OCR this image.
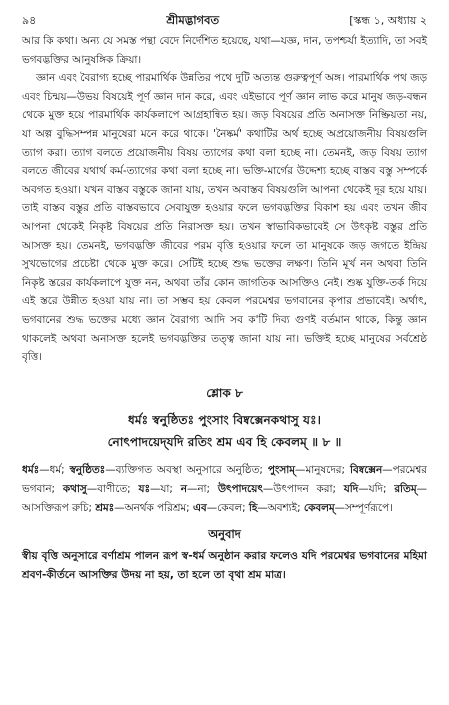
৯৪	শ্রীমদ্ভাগবত	[স্কন্ধ ১, অধ্যায় ২

আর কি কথা। অন্য যে সমস্ত পন্থা বেদে নির্দেশিত হয়েছে, যথা—যজ্ঞ, দান, তপশ্চর্যা ইত্যাদি, তা সবই ভগবদ্ভক্তির আনুষঙ্গিক ক্রিয়া।

জ্ঞান এবং বৈরাগ্য হচ্ছে পারমার্থিক উন্নতির পথে দুটি অত্যন্ত গুরুত্বপূর্ণ অঙ্গ। পারমার্থিক পথ জড় এবং চিন্ময়—উভয় বিষয়েই পূর্ণ জ্ঞান দান করে, এবং এইভাবে পূর্ণ জ্ঞান লাভ করে মানুষ জড়-বন্ধন থেকে মুক্ত হয়ে পারমার্থিক কার্যকলাপে আগ্রহান্বিত হয়। জড় বিষয়ের প্রতি অনাসক্ত নিষ্ক্রিয়তা নয়, যা অল্প বুদ্ধিসম্পন্ন মানুষেরা মনে করে থাকে। 'নৈষ্কর্ম' কথাটির অর্থ হচ্ছে অপ্রয়োজনীয় বিষয়গুলি ত্যাগ করা। ত্যাগ বলতে প্রয়োজনীয় বিষয় ত্যাগের কথা বলা হচ্ছে না। তেমনই, জড় বিষয় ত্যাগ বলতে জীবের যথার্থ কর্ম-ত্যাগের কথা বলা হচ্ছে না। ভক্তি-মার্গের উদ্দেশ্য হচ্ছে বাস্তব বস্তু সম্পর্কে অবগত হওয়া। যখন বাস্তব বস্তুকে জানা যায়, তখন অবাস্তব বিষয়গুলি আপনা থেকেই দূর হয়ে যায়। তাই বাস্তব বস্তুর প্রতি বাস্তবভাবে সেবাযুক্ত হওয়ার ফলে ভগবদ্ভক্তির বিকাশ হয় এবং তখন জীব আপনা থেকেই নিকৃষ্ট বিষয়ের প্রতি নিরাসক্ত হয়। তখন স্বাভাবিকভাবেই সে উৎকৃষ্ট বস্তুর প্রতি আসক্ত হয়। তেমনই, ভগবদ্ভক্তি জীবের পরম বৃত্তি হওয়ার ফলে তা মানুষকে জড় জগতে ইন্দ্রিয় সুখভোগের প্রচেষ্টা থেকে মুক্ত করে। সেটিই হচ্ছে শুদ্ধ ভক্তের লক্ষণ। তিনি মূর্খ নন অথবা তিনি নিকৃষ্ট স্তরের কার্যকলাপে যুক্ত নন, অথবা তাঁর কোন জাগতিক আসক্তিও নেই। শুষ্ক যুক্তি-তর্ক দিয়ে এই স্তরে উন্নীত হওয়া যায় না। তা সম্ভব হয় কেবল পরমেশ্বর ভগবানের কৃপার প্রভাবেই। অর্থাৎ, ভগবানের শুদ্ধ ভক্তের মধ্যে জ্ঞান বৈরাগ্য আদি সব ক'টি দিব্য গুণই বর্তমান থাকে, কিন্তু জ্ঞান থাকলেই অথবা অনাসক্ত হলেই ভগবদ্ভক্তির তত্ত্ব জানা যায় না। ভক্তিই হচ্ছে মানুষের সর্বশ্রেষ্ঠ বৃত্তি।

শ্লোক ৮
ধর্মঃ স্বনুষ্ঠিতঃ পুংসাং বিষ্বক্সেনকথাসু যঃ।
নোৎপাদয়েদ্‌যদি রতিং শ্রম এব হি কেবলম্‌ ॥ ৮ ॥
ধর্মঃ—ধর্ম; স্বনুষ্ঠিতঃ—ব্যক্তিগত অবস্থা অনুসারে অনুষ্ঠিত; পুংসাম্‌—মানুষদের; বিষ্বক্সেন—পরমেশ্বর ভগবান; কথাসু—বাণীতে; যঃ—যা; ন—না; উৎপাদয়েৎ—উৎপাদন করা; যদি—যদি; রতিম্‌—আসক্তিরূপ রুচি; শ্রমঃ—অনর্থক পরিশ্রম; এব—কেবল; হি—অবশ্যই; কেবলম্‌—সম্পূর্ণরূপে।
অনুবাদ
স্বীয় বৃত্তি অনুসারে বর্ণাশ্রম পালন রূপ স্ব-ধর্ম অনুষ্ঠান করার ফলেও যদি পরমেশ্বর ভগবানের মহিমা শ্রবণ-কীর্তনে আসক্তির উদয় না হয়, তা হলে তা বৃথা শ্রম মাত্র।
